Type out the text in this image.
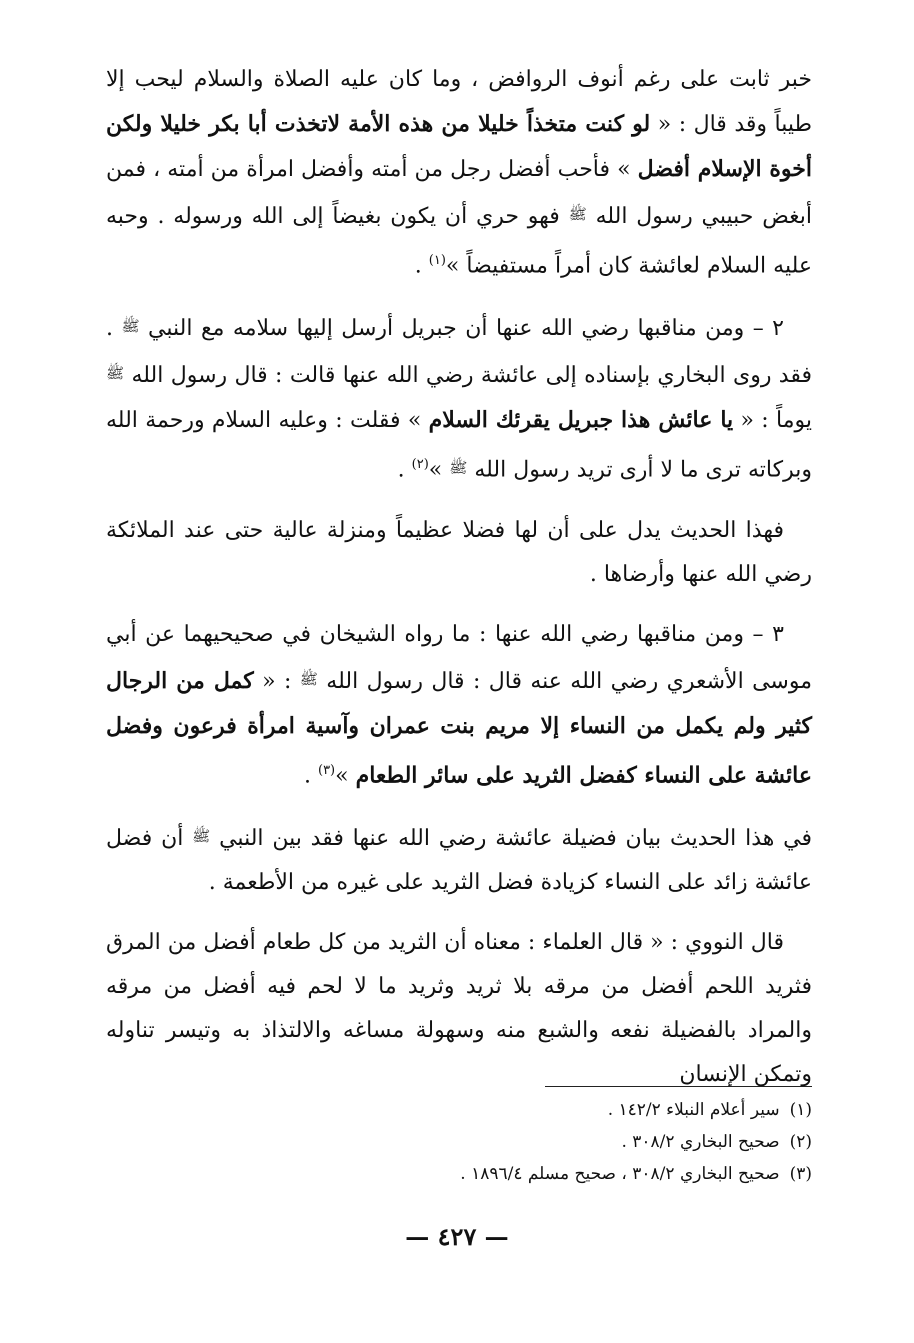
خبر ثابت على رغم أنوف الروافض ، وما كان عليه الصلاة والسلام ليحب إلا طيباً وقد قال : « لو كنت متخذاً خليلا من هذه الأمة لاتخذت أبا بكر خليلا ولكن أخوة الإسلام أفضل » فأحب أفضل رجل من أمته وأفضل امرأة من أمته ، فمن أبغض حبيبي رسول الله ﷺ فهو حري أن يكون بغيضاً إلى الله ورسوله . وحبه عليه السلام لعائشة كان أمراً مستفيضاً »$^{(١)}$ .

٢ – ومن مناقبها رضي الله عنها أن جبريل أرسل إليها سلامه مع النبي ﷺ . فقد روى البخاري بإسناده إلى عائشة رضي الله عنها قالت : قال رسول الله ﷺ يوماً : « يا عائش هذا جبريل يقرئك السلام » فقلت : وعليه السلام ورحمة الله وبركاته ترى ما لا أرى تريد رسول الله ﷺ »$^{(٢)}$ .

فهذا الحديث يدل على أن لها فضلا عظيماً ومنزلة عالية حتى عند الملائكة رضي الله عنها وأرضاها .

٣ – ومن مناقبها رضي الله عنها : ما رواه الشيخان في صحيحيهما عن أبي موسى الأشعري رضي الله عنه قال : قال رسول الله ﷺ : « كمل من الرجال كثير ولم يكمل من النساء إلا مريم بنت عمران وآسية امرأة فرعون وفضل عائشة على النساء كفضل الثريد على سائر الطعام »$^{(٣)}$ .

في هذا الحديث بيان فضيلة عائشة رضي الله عنها فقد بين النبي ﷺ أن فضل عائشة زائد على النساء كزيادة فضل الثريد على غيره من الأطعمة .

قال النووي : « قال العلماء : معناه أن الثريد من كل طعام أفضل من المرق فثريد اللحم أفضل من مرقه بلا ثريد وثريد ما لا لحم فيه أفضل من مرقه والمراد بالفضيلة نفعه والشبع منه وسهولة مساغه والالتذاذ به وتيسر تناوله وتمكن الإنسان

(١)سير أعلام النبلاء ١٤٢/٢ .

(٢)صحيح البخاري ٣٠٨/٢ .

(٣)صحيح البخاري ٣٠٨/٢ ، صحيح مسلم ١٨٩٦/٤ .

— ٤٢٧ —
